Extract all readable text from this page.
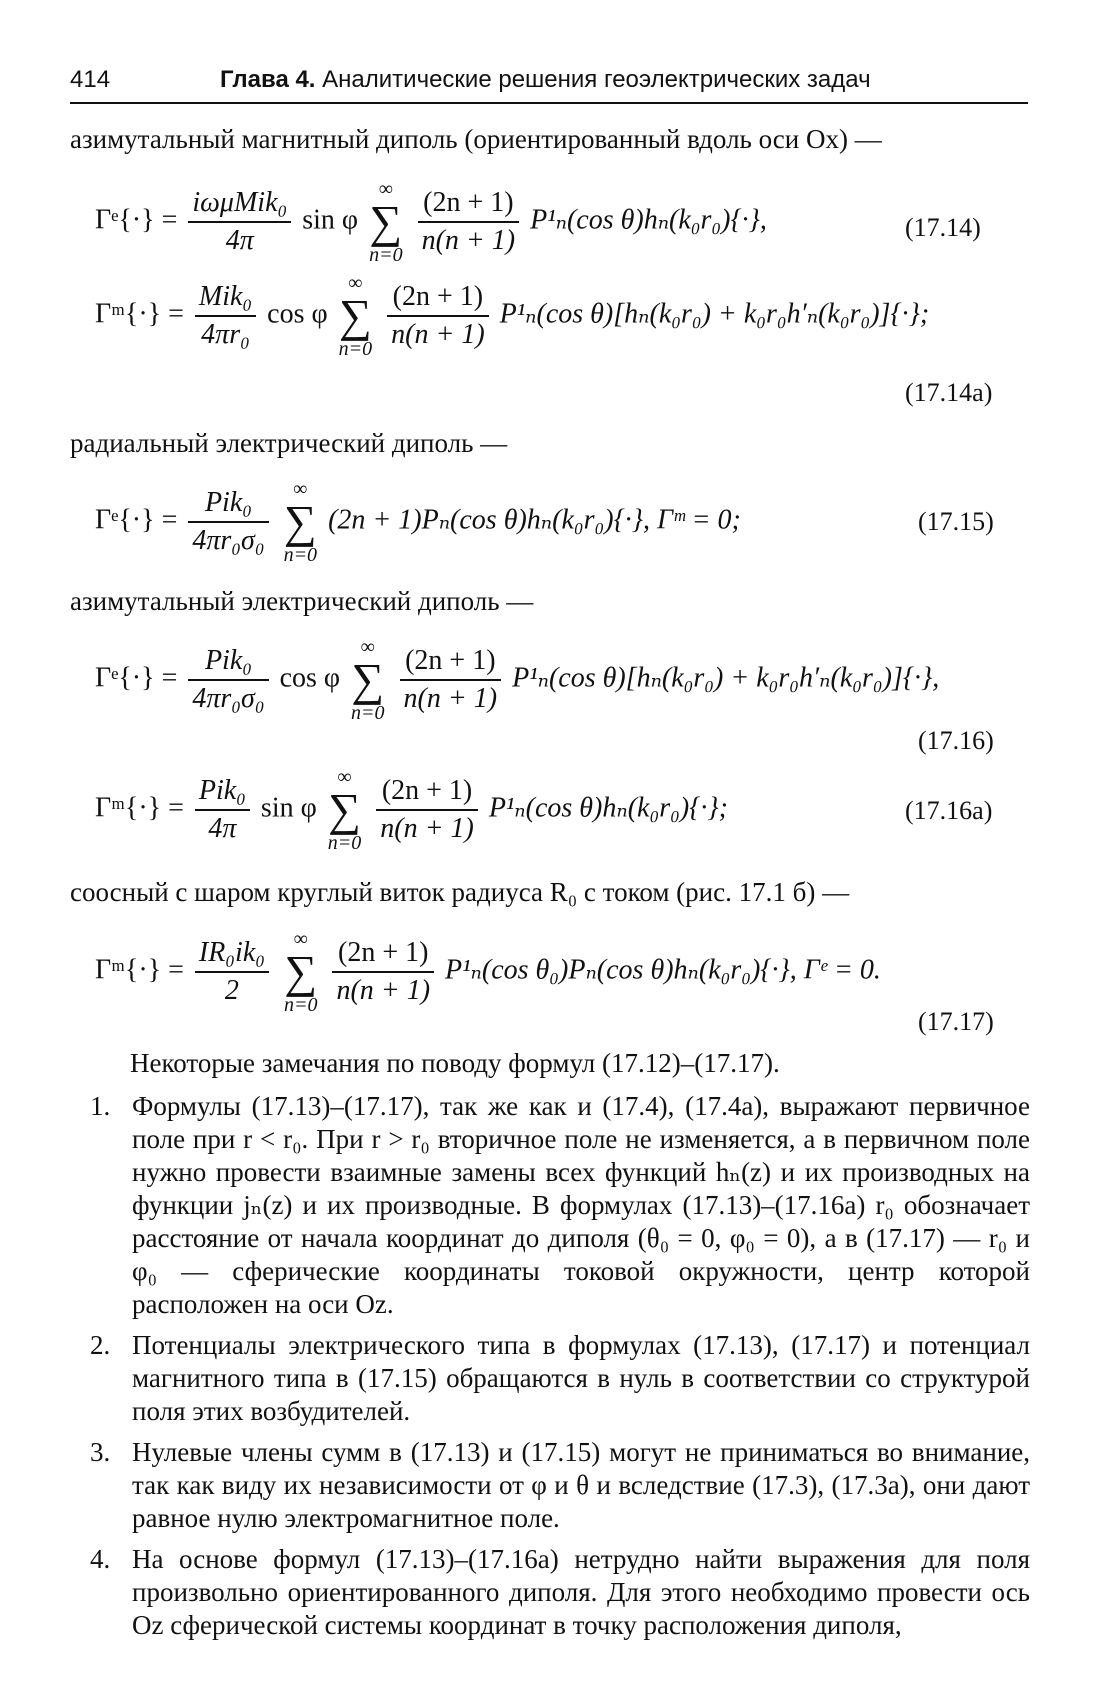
414	Глава 4. Аналитические решения геоэлектрических задач
азимутальный магнитный диполь (ориентированный вдоль оси Ox) —
Γᵉ{·} = $\frac{\text{iωμMik₀}}{4\pi}$ sin φ
∞
∑
n=0
$\frac{(2n + 1)}{n(n + 1)} P^1_n(\cos$ θ)hₙ(k₀r₀){·},	(17.14)
Γᵐ{·} = $\frac{\text{Mik₀}}{\text{4πr₀}}$ cos φ
∞
∑
n=0
$\frac{(2n + 1)}{n(n + 1)} P^1_n(\cos$ θ)[hₙ(k₀r₀) + k₀r₀h′ₙ(k₀r₀)]{·};
(17.14a)
радиальный электрический диполь —
Γᵉ{·} = $\frac{\text{Pik₀}}{\text{4πr₀σ₀}}$
	∞
∑
n=0
(2n + 1)Pₙ(cos θ)hₙ(k₀r₀){·}, Γᵐ = 0;	(17.15)
азимутальный электрический диполь —
Γᵉ{·} = $\frac{\text{Pik₀}}{\text{4πr₀σ₀}}$ cos φ
∞
∑
n=0
$\frac{(2n + 1)}{n(n + 1)} P^1_n(\cos$ θ)[hₙ(k₀r₀) + k₀r₀h′ₙ(k₀r₀)]{·},
(17.16)
Γᵐ{·} = $\frac{\text{Pik₀}}{4\pi}$ sin φ
∞
∑
n=0
$\frac{(2n + 1)}{n(n + 1)} P^1_n(\cos$ θ)hₙ(k₀r₀){·};	(17.16a)
соосный с шаром круглый виток радиуса R₀ с током (рис. 17.1 б) —
Γᵐ{·} = $\frac{\text{IR₀ik₀}}{2}$
	∞
∑
n=0
$\frac{(2n + 1)}{n(n + 1)} P^1_n(\cos$ θ₀)Pₙ(cos θ)hₙ(k₀r₀){·}, Γᵉ = 0.
(17.17)
Некоторые замечания по поводу формул (17.12)–(17.17).
1. Формулы (17.13)–(17.17), так же как и (17.4), (17.4а), выражают первичное поле при r < r₀. При r > r₀ вторичное поле не изменяется, а в первичном поле нужно провести взаимные замены всех функций hₙ(z) и их производных на функции jₙ(z) и их производные. В формулах (17.13)–(17.16а) r₀ обозначает расстояние от начала координат до диполя (θ₀ = 0, φ₀ = 0), а в (17.17) — r₀ и φ₀ — сферические координаты токовой окружности, центр которой расположен на оси Oz.
2. Потенциалы электрического типа в формулах (17.13), (17.17) и потенциал магнитного типа в (17.15) обращаются в нуль в соответствии со структурой поля этих возбудителей.
3. Нулевые члены сумм в (17.13) и (17.15) могут не приниматься во внимание, так как виду их независимости от φ и θ и вследствие (17.3), (17.3а), они дают равное нулю электромагнитное поле.
4. На основе формул (17.13)–(17.16а) нетрудно найти выражения для поля произвольно ориентированного диполя. Для этого необходимо провести ось Oz сферической системы координат в точку расположения диполя,
